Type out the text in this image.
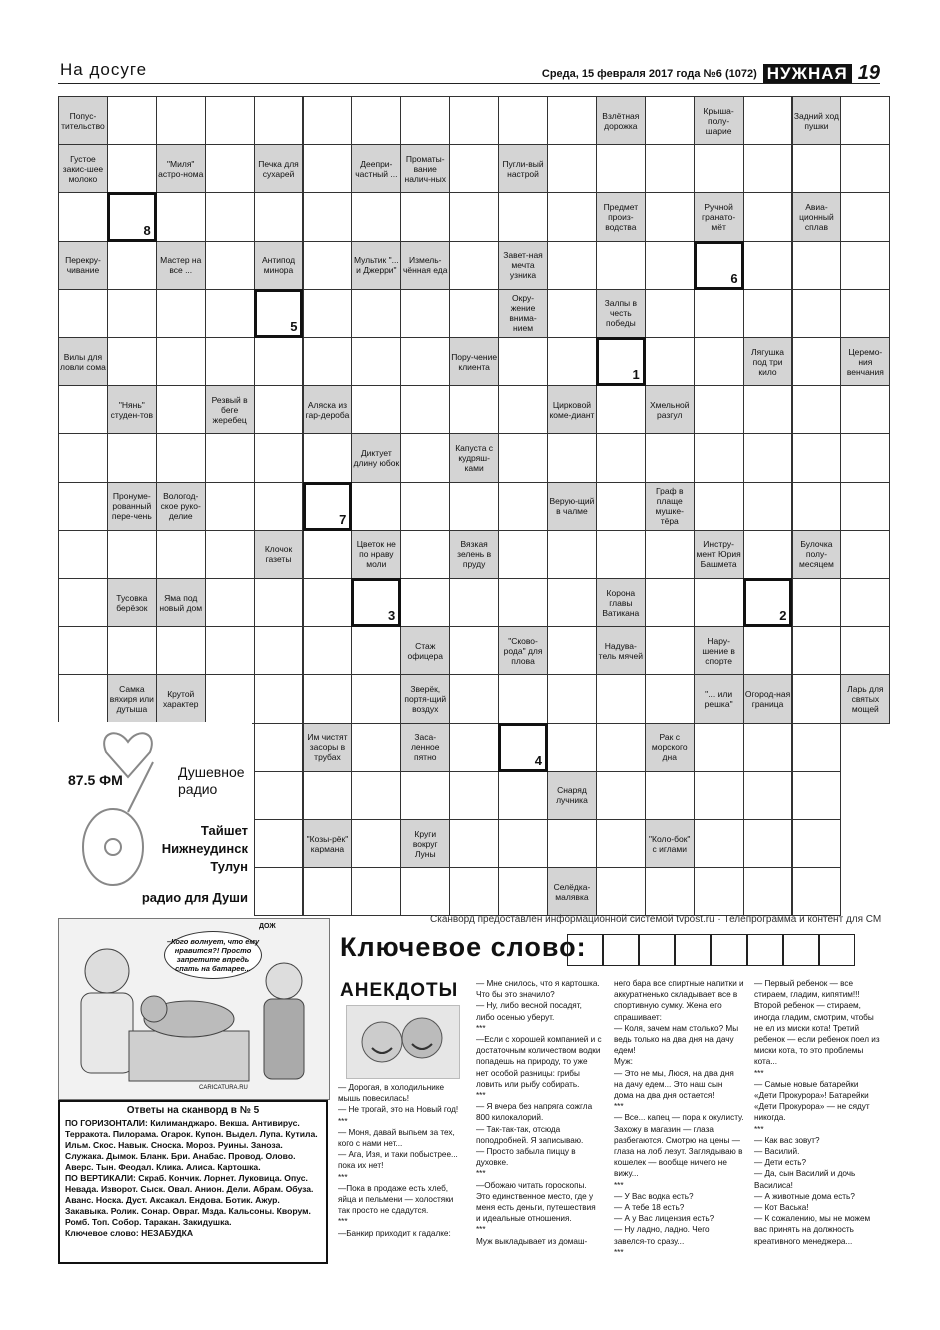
На досуге	Среда, 15 февраля 2017 года №6 (1072) НУЖНАЯ 19
Попус-тительство
Взлётная дорожка
Крыша-полу-шарие
Задний ход пушки
Густое закис-шее молоко
"Миля" астро-нома
Печка для сухарей
Деепри-частный ...
Проматы-вание налич-ных
Пугли-вый настрой
8
Предмет произ-водства
Ручной гранато-мёт
Авиа-ционный сплав
Перекру-чивание
Мастер на все ...
Антипод минора
Мультик "... и Джерри"
Измель-чённая еда
Завет-ная мечта узника	6
5
Окру-жение внима-нием
Залпы в честь победы
Вилы для ловли сома
Пору-чение клиента
1
Лягушка под три кило
Церемо-ния венчания
"Нянь" студен-тов
Резвый в беге жеребец
Аляска из гар-дероба
Цирковой коме-диант
Хмельной разгул
Диктует длину юбок
Капуста с кудряш-ками
Пронуме-рованный пере-чень
Вологод-ское руко-делие	7
Верую-щий в чалме
Граф в плаще мушке-тёра
Клочок газеты
Цветок не по нраву моли
Вязкая зелень в пруду
Инстру-мент Юрия Башмета
Булочка полу-месяцем
Тусовка берёзок
Яма под новый дом
3
Корона главы Ватикана	2
Стаж офицера
"Сково-рода" для плова
Надува-тель мячей
Нару-шение в спорте
Самка вяхиря или дутыша
Крутой характер
Зверёк, портя-щий воздух
"... или решка"
Огород-ная граница
Ларь для святых мощей
Им чистят засоры в трубах
Заса-ленное пятно	4
Рак с морского дна
Снаряд лучника
"Козы-рёк" кармана
Круги вокруг Луны
"Коло-бок" с иглами
Селёдка-малявка
87.5 ФМ	Душевное радио
Тайшет
Нижнеудинск
Тулун
радио для Души
Сканворд предоставлен информационной системой tvpost.ru · Телепрограмма и контент для СМ
–Кого волнует, что ему нравится?! Просто запретите впредь спать на батарее...
ДОЖ
CARICATURA.RU
Ответы на сканворд в № 5

ПО ГОРИЗОНТАЛИ: Килиманджаро. Векша. Антивирус. Терракота. Пилорама. Огарок. Купон. Выдел. Лупа. Кутила. Ильм. Скос. Навык. Сноска. Мороз. Руины. Заноза. Служака. Дымок. Бланк. Бри. Анабас. Провод. Олово. Аверс. Тын. Феодал. Клика. Алиса. Картошка.

ПО ВЕРТИКАЛИ: Скраб. Кончик. Лорнет. Луковица. Опус. Невада. Изворот. Сыск. Овал. Анион. Дели. Абрам. Обуза. Аванс. Носка. Дуст. Аксакал. Ендова. Ботик. Ажур. Закавыка. Ролик. Сонар. Овраг. Мзда. Кальсоны. Кворум. Ромб. Топ. Собор. Таракан. Закидушка.

Ключевое слово: НЕЗАБУДКА

Ключевое слово:
АНЕКДОТЫ
— Дорогая, в холодильнике мышь повесилась!
— Не трогай, это на Новый год!
***
— Моня, давай выпьем за тех, кого с нами нет...
— Ага, Изя, и таки побыстрее... пока их нет!
***
—Пока в продаже есть хлеб, яйца и пельмени — холостяки так просто не сдадутся.
***
—Банкир приходит к гадалке:
— Мне снилось, что я картошка. Что бы это значило?
— Ну, либо весной посадят, либо осенью уберут.
***
—Если с хорошей компанией и с достаточным количеством водки попадешь на природу, то уже нет особой разницы: грибы ловить или рыбу собирать.
***
— Я вчера без напряга сожгла 800 килокалорий.
— Так-так-так, отсюда поподробней. Я записываю.
— Просто забыла пиццу в духовке.
***
—Обожаю читать гороскопы. Это единственное место, где у меня есть деньги, путешествия и идеальные отношения.
***
Муж выкладывает из домаш-
него бара все спиртные напитки и аккуратненько складывает все в спортивную сумку. Жена его спрашивает:
— Коля, зачем нам столько? Мы ведь только на два дня на дачу едем!
Муж:
— Это не мы, Люся, на два дня на дачу едем... Это наш сын дома на два дня остается!
***
— Все... капец — пора к окулисту. Захожу в магазин — глаза разбегаются. Смотрю на цены — глаза на лоб лезут. Заглядываю в кошелек — вообще ничего не вижу...
***
— У Вас водка есть?
— А тебе 18 есть?
— А у Вас лицензия есть?
— Ну ладно, ладно. Чего завелся-то сразу...
***
— Первый ребенок — все стираем, гладим, кипятим!!! Второй ребенок — стираем, иногда гладим, смотрим, чтобы не ел из миски кота! Третий ребенок — если ребенок поел из миски кота, то это проблемы кота...
***
— Самые новые батарейки «Дети Прокурора»! Батарейки «Дети Прокурора» — не сядут никогда.
***
— Как вас зовут?
— Василий.
— Дети есть?
— Да, сын Василий и дочь Василиса!
— А животные дома есть?
— Кот Васька!
— К сожалению, мы не можем вас принять на должность креативного менеджера...
